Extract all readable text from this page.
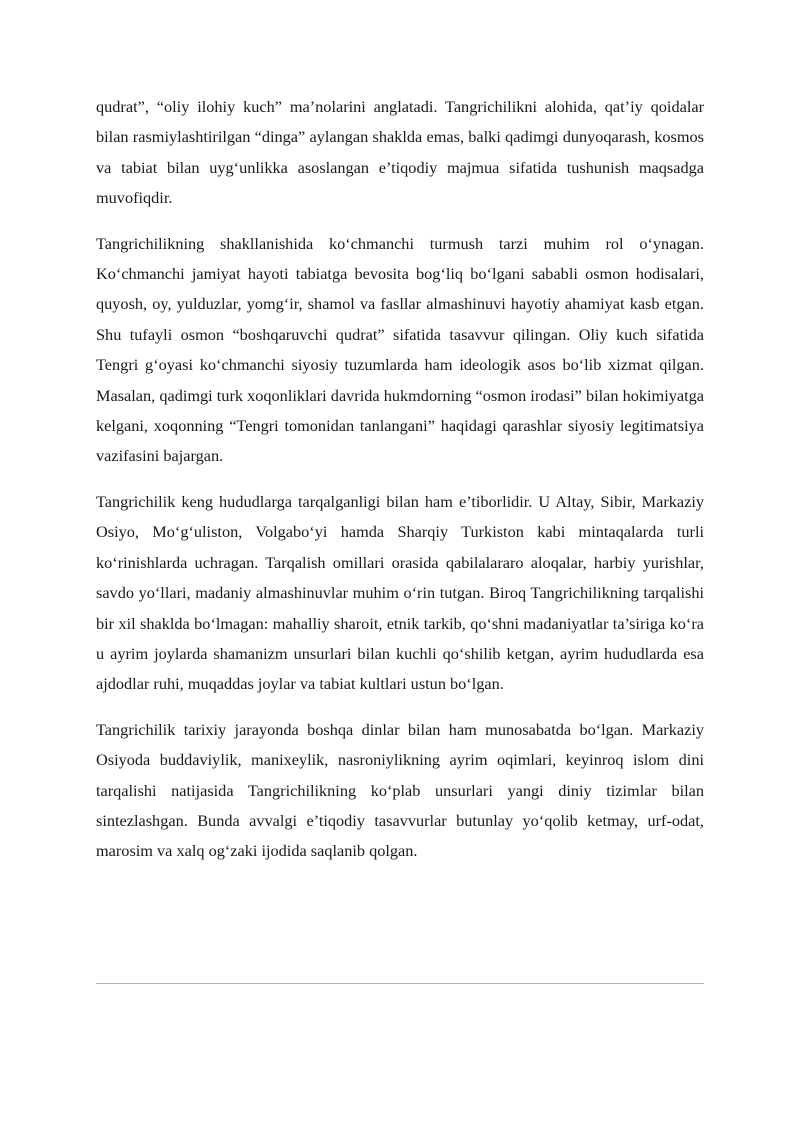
qudrat”, “oliy ilohiy kuch” ma’nolarini anglatadi. Tangrichilikni alohida, qat’iy qoidalar bilan rasmiylashtirilgan “dinga” aylangan shaklda emas, balki qadimgi dunyoqarash, kosmos va tabiat bilan uyg‘unlikka asoslangan e’tiqodiy majmua sifatida tushunish maqsadga muvofiqdir.

Tangrichilikning shakllanishida ko‘chmanchi turmush tarzi muhim rol o‘ynagan. Ko‘chmanchi jamiyat hayoti tabiatga bevosita bog‘liq bo‘lgani sababli osmon hodisalari, quyosh, oy, yulduzlar, yomg‘ir, shamol va fasllar almashinuvi hayotiy ahamiyat kasb etgan. Shu tufayli osmon “boshqaruvchi qudrat” sifatida tasavvur qilingan. Oliy kuch sifatida Tengri g‘oyasi ko‘chmanchi siyosiy tuzumlarda ham ideologik asos bo‘lib xizmat qilgan. Masalan, qadimgi turk xoqonliklari davrida hukmdorning “osmon irodasi” bilan hokimiyatga kelgani, xoqonning “Tengri tomonidan tanlangani” haqidagi qarashlar siyosiy legitimatsiya vazifasini bajargan.

Tangrichilik keng hududlarga tarqalganligi bilan ham e’tiborlidir. U Altay, Sibir, Markaziy Osiyo, Mo‘g‘uliston, Volgabo‘yi hamda Sharqiy Turkiston kabi mintaqalarda turli ko‘rinishlarda uchragan. Tarqalish omillari orasida qabilalararo aloqalar, harbiy yurishlar, savdo yo‘llari, madaniy almashinuvlar muhim o‘rin tutgan. Biroq Tangrichilikning tarqalishi bir xil shaklda bo‘lmagan: mahalliy sharoit, etnik tarkib, qo‘shni madaniyatlar ta’siriga ko‘ra u ayrim joylarda shamanizm unsurlari bilan kuchli qo‘shilib ketgan, ayrim hududlarda esa ajdodlar ruhi, muqaddas joylar va tabiat kultlari ustun bo‘lgan.

Tangrichilik tarixiy jarayonda boshqa dinlar bilan ham munosabatda bo‘lgan. Markaziy Osiyoda buddaviylik, manixeylik, nasroniylikning ayrim oqimlari, keyinroq islom dini tarqalishi natijasida Tangrichilikning ko‘plab unsurlari yangi diniy tizimlar bilan sintezlashgan. Bunda avvalgi e’tiqodiy tasavvurlar butunlay yo‘qolib ketmay, urf-odat, marosim va xalq og‘zaki ijodida saqlanib qolgan.
